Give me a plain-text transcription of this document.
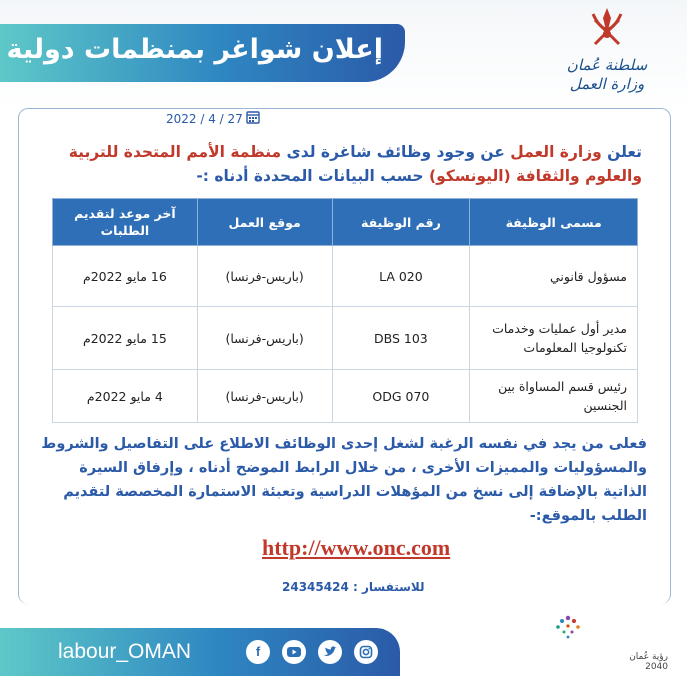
إعلان شواغر بمنظمات دولية	سلطنة عُمان
وزارة العمل
2022 / 4 / 27
تعلن وزارة العمل عن وجود وظائف شاغرة لدى منظمة الأمم المتحدة للتربية والعلوم والثقافة (اليونسكو) حسب البيانات المحددة أدناه :-
مسمى الوظيفة	رقم الوظيفة	موقع العمل	آخر موعد لتقديم الطلبات
مسؤول قانوني	LA 020	(باريس-فرنسا)	16 مايو 2022م
مدير أول عمليات وخدمات تكنولوجيا المعلومات	DBS 103	(باريس-فرنسا)	15 مايو 2022م
رئيس قسم المساواة بين الجنسين	ODG 070	(باريس-فرنسا)	4 مايو 2022م
فعلى من يجد في نفسه الرغبة لشغل إحدى الوظائف الاطلاع على التفاصيل والشروط والمسؤوليات والمميزات الأخرى ، من خلال الرابط الموضح أدناه ، وإرفاق السيرة الذاتية بالإضافة إلى نسخ من المؤهلات الدراسية وتعبئة الاستمارة المخصصة لتقديم الطلب بالموقع:-
http://www.onc.com
للاستفسار : 24345424
labour_OMAN	f	رؤية عُمان 2040
